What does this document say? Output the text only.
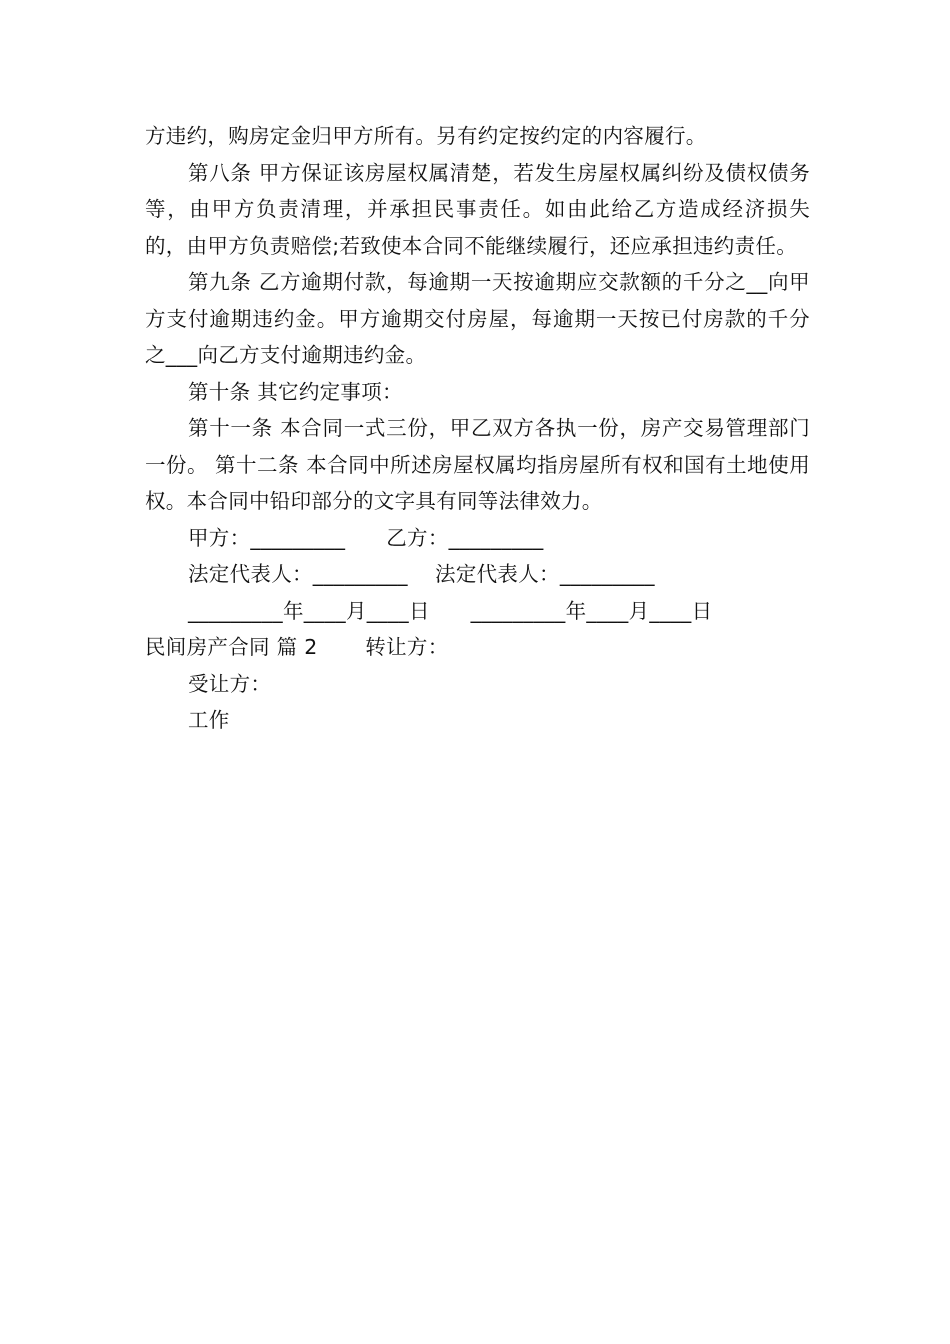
方违约，购房定金归甲方所有。另有约定按约定的内容履行。

第八条 甲方保证该房屋权属清楚，若发生房屋权属纠纷及债权债务等，由甲方负责清理，并承担民事责任。如由此给乙方造成经济损失的，由甲方负责赔偿;若致使本合同不能继续履行，还应承担违约责任。

第九条 乙方逾期付款，每逾期一天按逾期应交款额的千分之__向甲方支付逾期违约金。甲方逾期交付房屋，每逾期一天按已付房款的千分之___向乙方支付逾期违约金。

第十条 其它约定事项：

第十一条 本合同一式三份，甲乙双方各执一份，房产交易管理部门一份。 第十二条 本合同中所述房屋权属均指房屋所有权和国有土地使用权。本合同中铅印部分的文字具有同等法律效力。

甲方：_________      乙方：_________

法定代表人：_________    法定代表人：_________

_________年____月____日      _________年____月____日

民间房产合同 篇 2       转让方：

受让方：

工作
